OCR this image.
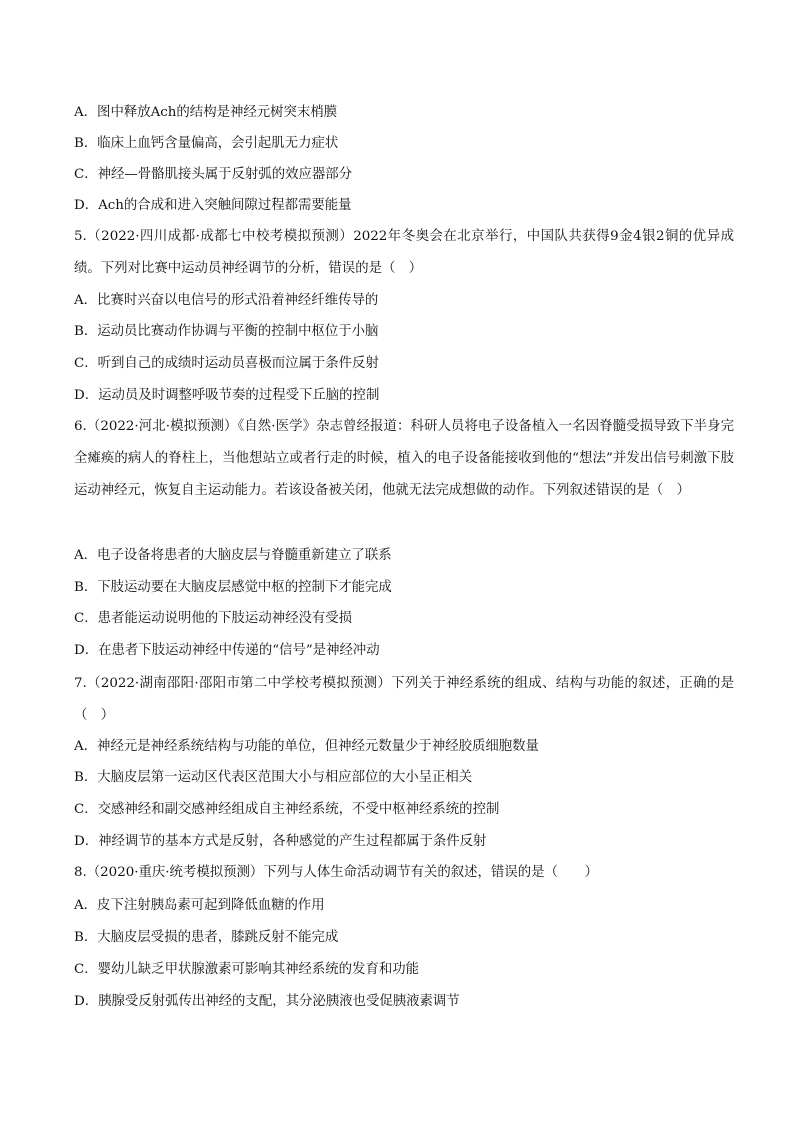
A．图中释放Ach的结构是神经元树突末梢膜
B．临床上血钙含量偏高，会引起肌无力症状
C．神经—骨骼肌接头属于反射弧的效应器部分
D．Ach的合成和进入突触间隙过程都需要能量
5.（2022·四川成都·成都七中校考模拟预测）2022年冬奥会在北京举行，中国队共获得9金4银2铜的优异成绩。下列对比赛中运动员神经调节的分析，错误的是（　）
A．比赛时兴奋以电信号的形式沿着神经纤维传导的
B．运动员比赛动作协调与平衡的控制中枢位于小脑
C．听到自己的成绩时运动员喜极而泣属于条件反射
D．运动员及时调整呼吸节奏的过程受下丘脑的控制
6.（2022·河北·模拟预测）《自然·医学》杂志曾经报道：科研人员将电子设备植入一名因脊髓受损导致下半身完全瘫痪的病人的脊柱上，当他想站立或者行走的时候，植入的电子设备能接收到他的“想法”并发出信号刺激下肢运动神经元，恢复自主运动能力。若该设备被关闭，他就无法完成想做的动作。下列叙述错误的是（　）
A．电子设备将患者的大脑皮层与脊髓重新建立了联系
B．下肢运动要在大脑皮层感觉中枢的控制下才能完成
C．患者能运动说明他的下肢运动神经没有受损
D．在患者下肢运动神经中传递的“信号”是神经冲动
7.（2022·湖南邵阳·邵阳市第二中学校考模拟预测）下列关于神经系统的组成、结构与功能的叙述，正确的是（　）
A．神经元是神经系统结构与功能的单位，但神经元数量少于神经胶质细胞数量
B．大脑皮层第一运动区代表区范围大小与相应部位的大小呈正相关
C．交感神经和副交感神经组成自主神经系统，不受中枢神经系统的控制
D．神经调节的基本方式是反射，各种感觉的产生过程都属于条件反射
8.（2020·重庆·统考模拟预测）下列与人体生命活动调节有关的叙述，错误的是（　　）
A．皮下注射胰岛素可起到降低血糖的作用
B．大脑皮层受损的患者，膝跳反射不能完成
C．婴幼儿缺乏甲状腺激素可影响其神经系统的发育和功能
D．胰腺受反射弧传出神经的支配，其分泌胰液也受促胰液素调节
